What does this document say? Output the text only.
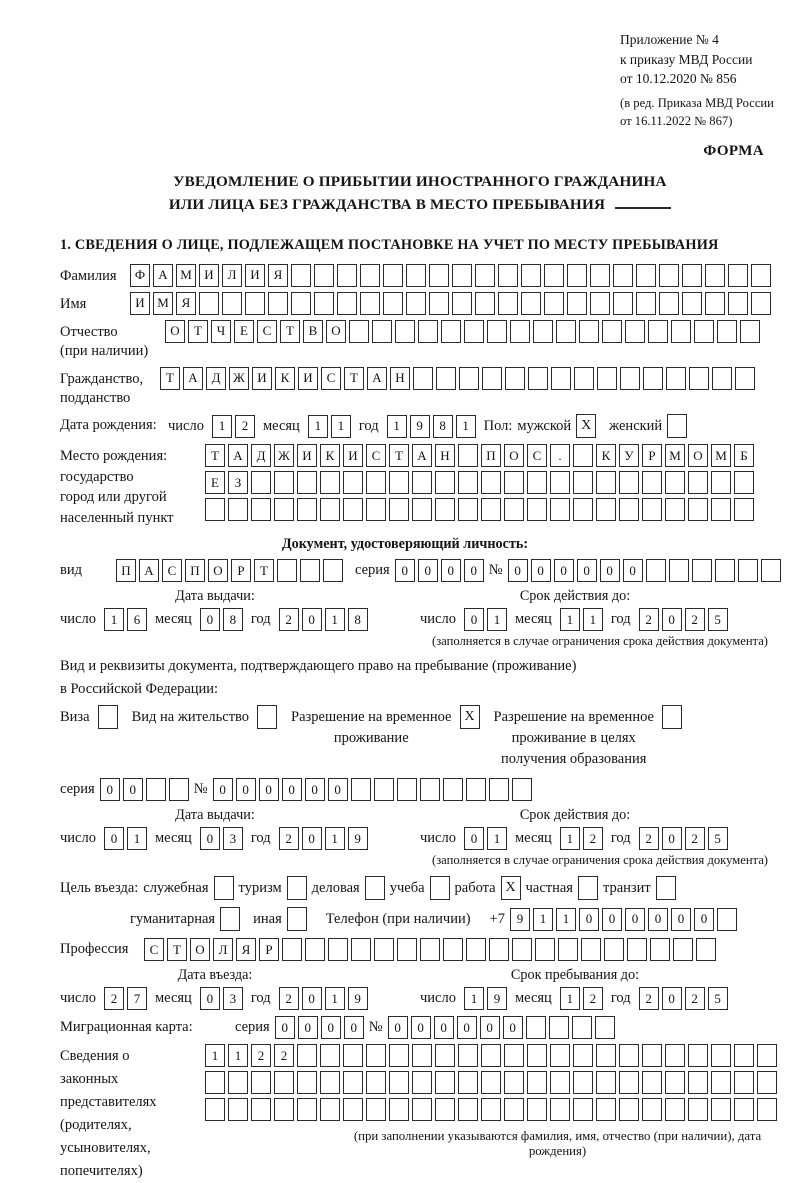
Приложение № 4
к приказу МВД России
от 10.12.2020 № 856
(в ред. Приказа МВД России
от 16.11.2022 № 867)
ФОРМА
УВЕДОМЛЕНИЕ О ПРИБЫТИИ ИНОСТРАННОГО ГРАЖДАНИНА
ИЛИ ЛИЦА БЕЗ ГРАЖДАНСТВА В МЕСТО ПРЕБЫВАНИЯ
1. СВЕДЕНИЯ О ЛИЦЕ, ПОДЛЕЖАЩЕМ ПОСТАНОВКЕ НА УЧЕТ ПО МЕСТУ ПРЕБЫВАНИЯ
Фамилия	Ф	А М И	Л	И	Я
Имя	И М Я
Отчество
(при наличии)
О	Т	Ч	Е	С	Т	В	О
Гражданство,
подданство
Т	А	Д Ж И	К	И	С	Т	А	Н
Дата рождения: число	1	2	месяц	1	1	год	1	9	8	1	Пол: мужской X	женский
Место рождения:
государство
город или другой
населенный пункт
Т	А	Д Ж И	К	И	С	Т	А	Н	П	О	С	.	К	У	Р	М О М	Б
Е	З
Документ, удостоверяющий личность:
вид	П	А	С	П	О	Р	Т	серия 0	0	0	0 № 0	0	0	0	0	0
Дата выдачи:
число	1	6	месяц	0	8	год	2	0	1	8
Срок действия до:
число	0	1	месяц	1	1	год	2	0	2	5
(заполняется в случае ограничения срока действия документа)
Вид и реквизиты документа, подтверждающего право на пребывание (проживание)
в Российской Федерации:
Виза	Вид на жительство	Разрешение на временное
проживание
X	Разрешение на временное
проживание в целях
получения образования
серия 0	0	№ 0	0	0	0	0	0
Дата выдачи:
число	0	1	месяц	0	3	год	2	0	1	9
Срок действия до:
число	0	1	месяц	1	2	год	2	0	2	5
(заполняется в случае ограничения срока действия документа)
Цель въезда: служебная туризм деловая учеба работа X частная транзит
гуманитарная	иная	Телефон (при наличии) +7 9	1	1	0	0	0	0	0	0
Профессия	С	Т	О	Л	Я	Р
Дата въезда:
число	2	7	месяц	0	3	год	2	0	1	9
Срок пребывания до:
число	1	9	месяц	1	2	год	2	0	2	5
Миграционная карта:	серия 0	0	0	0 № 0	0	0	0	0	0
Сведения о
законных
представителях
(родителях,
усыновителях,
попечителях)
1	1	2	2
(при заполнении указываются фамилия, имя, отчество (при наличии), дата рождения)
